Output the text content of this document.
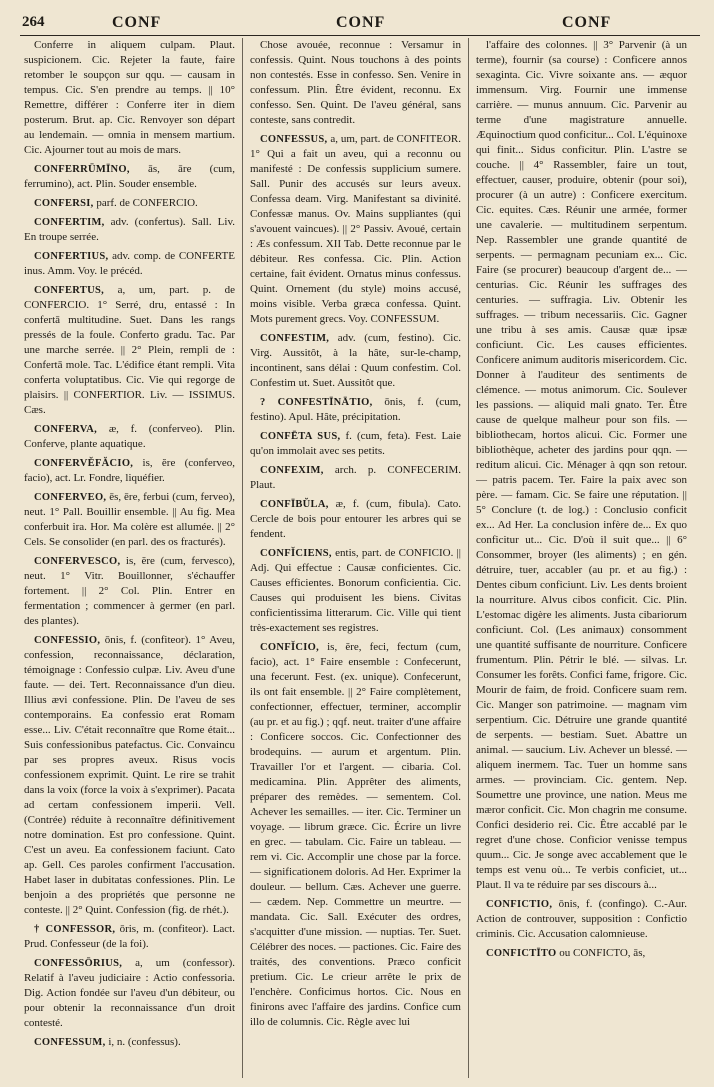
264	CONF	CONF	CONF

Conferre in aliquem culpam. Plaut. suspicionem. Cic. Rejeter la faute, faire retomber le soupçon sur qqu. — causam in tempus. Cic. S'en prendre au temps. || 10° Remettre, différer : Conferre iter in diem posterum. Brut. ap. Cic. Renvoyer son départ au lendemain. — omnia in mensem martium. Cic. Ajourner tout au mois de mars.

CONFERRŪMĪNO, ās, āre (cum, ferrumino), act. Plin. Souder ensemble.

CONFERSI, parf. de CONFERCIO.

CONFERTIM, adv. (confertus). Sall. Liv. En troupe serrée.

CONFERTIUS, adv. comp. de CONFERTE inus. Amm. Voy. le précéd.

CONFERTUS, a, um, part. p. de CONFERCIO. 1° Serré, dru, entassé : In confertā multitudine. Suet. Dans les rangs pressés de la foule. Conferto gradu. Tac. Par une marche serrée. || 2° Plein, rempli de : Confertā mole. Tac. L'édifice étant rempli. Vita conferta voluptatibus. Cic. Vie qui regorge de plaisirs. || CONFERTIOR. Liv. — ISSIMUS. Cæs.

CONFERVA, æ, f. (conferveo). Plin. Conferve, plante aquatique.

CONFERVĔFĂCIO, is, ĕre (conferveo, facio), act. Lr. Fondre, liquéfier.

CONFERVEO, ēs, ēre, ferbui (cum, ferveo), neut. 1° Pall. Bouillir ensemble. || Au fig. Mea conferbuit ira. Hor. Ma colère est allumée. || 2° Cels. Se consolider (en parl. des os fracturés).

CONFERVESCO, is, ĕre (cum, fervesco), neut. 1° Vitr. Bouillonner, s'échauffer fortement. || 2° Col. Plin. Entrer en fermentation ; commencer à germer (en parl. des plantes).

CONFESSIO, ōnis, f. (confiteor). 1° Aveu, confession, reconnaissance, déclaration, témoignage : Confessio culpæ. Liv. Aveu d'une faute. — dei. Tert. Reconnaissance d'un dieu. Illius ævi confessione. Plin. De l'aveu de ses contemporains. Ea confessio erat Romam esse... Liv. C'était reconnaître que Rome était... Suis confessionibus patefactus. Cic. Convaincu par ses propres aveux. Risus vocis confessionem exprimit. Quint. Le rire se trahit dans la voix (force la voix à s'exprimer). Pacata ad certam confessionem imperii. Vell. (Contrée) réduite à reconnaître définitivement notre domination. Est pro confessione. Quint. C'est un aveu. Ea confessionem faciunt. Cato ap. Gell. Ces paroles confirment l'accusation. Habet laser in dubitatas confessiones. Plin. Le benjoin a des propriétés que personne ne conteste. || 2° Quint. Confession (fig. de rhét.).

† CONFESSOR, ōris, m. (confiteor). Lact. Prud. Confesseur (de la foi).

CONFESSŌRIUS, a, um (confessor). Relatif à l'aveu judiciaire : Actio confessoria. Dig. Action fondée sur l'aveu d'un débiteur, ou pour obtenir la reconnaissance d'un droit contesté.

CONFESSUM, i, n. (confessus).

Chose avouée, reconnue : Versamur in confessis. Quint. Nous touchons à des points non contestés. Esse in confesso. Sen. Venire in confessum. Plin. Être évident, reconnu. Ex confesso. Sen. Quint. De l'aveu général, sans conteste, sans contredit.

CONFESSUS, a, um, part. de CONFITEOR. 1° Qui a fait un aveu, qui a reconnu ou manifesté : De confessis supplicium sumere. Sall. Punir des accusés sur leurs aveux. Confessa deam. Virg. Manifestant sa divinité. Confessæ manus. Ov. Mains suppliantes (qui s'avouent vaincues). || 2° Passiv. Avoué, certain : Æs confessum. XII Tab. Dette reconnue par le débiteur. Res confessa. Cic. Plin. Action certaine, fait évident. Ornatus minus confessus. Quint. Ornement (du style) moins accusé, moins visible. Verba græca confessa. Quint. Mots purement grecs. Voy. CONFESSUM.

CONFESTIM, adv. (cum, festino). Cic. Virg. Aussitôt, à la hâte, sur-le-champ, incontinent, sans délai : Quum confestim. Col. Confestim ut. Suet. Aussitôt que.

? CONFESTĪNĀTIO, ōnis, f. (cum, festino). Apul. Hâte, précipitation.

CONFĒTA SUS, f. (cum, feta). Fest. Laie qu'on immolait avec ses petits.

CONFEXIM, arch. p. CONFECERIM. Plaut.

CONFĪBŬLA, æ, f. (cum, fibula). Cato. Cercle de bois pour entourer les arbres qui se fendent.

CONFĬCIENS, entis, part. de CONFICIO. || Adj. Qui effectue : Causæ conficientes. Cic. Causes efficientes. Bonorum conficientia. Cic. Causes qui produisent les biens. Civitas conficientissima litterarum. Cic. Ville qui tient très-exactement ses registres.

CONFĬCIO, is, ĕre, feci, fectum (cum, facio), act. 1° Faire ensemble : Confecerunt, una fecerunt. Fest. (ex. unique). Confecerunt, ils ont fait ensemble. || 2° Faire complètement, confectionner, effectuer, terminer, accomplir (au pr. et au fig.) ; qqf. neut. traiter d'une affaire : Conficere soccos. Cic. Confectionner des brodequins. — aurum et argentum. Plin. Travailler l'or et l'argent. — cibaria. Col. medicamina. Plin. Apprêter des aliments, préparer des remèdes. — sementem. Col. Achever les semailles. — iter. Cic. Terminer un voyage. — librum græce. Cic. Écrire un livre en grec. — tabulam. Cic. Faire un tableau. — rem vi. Cic. Accomplir une chose par la force. — significationem doloris. Ad Her. Exprimer la douleur. — bellum. Cæs. Achever une guerre. — cædem. Nep. Commettre un meurtre. — mandata. Cic. Sall. Exécuter des ordres, s'acquitter d'une mission. — nuptias. Ter. Suet. Célébrer des noces. — pactiones. Cic. Faire des traités, des conventions. Præco conficit pretium. Cic. Le crieur arrête le prix de l'enchère. Conficimus hortos. Cic. Nous en finirons avec l'affaire des jardins. Confice cum illo de columnis. Cic. Règle avec lui

l'affaire des colonnes. || 3° Parvenir (à un terme), fournir (sa course) : Conficere annos sexaginta. Cic. Vivre soixante ans. — æquor immensum. Virg. Fournir une immense carrière. — munus annuum. Cic. Parvenir au terme d'une magistrature annuelle. Æquinoctium quod conficitur... Col. L'équinoxe qui finit... Sidus conficitur. Plin. L'astre se couche. || 4° Rassembler, faire un tout, effectuer, causer, produire, obtenir (pour soi), procurer (à un autre) : Conficere exercitum. Cic. equites. Cæs. Réunir une armée, former une cavalerie. — multitudinem serpentum. Nep. Rassembler une grande quantité de serpents. — permagnam pecuniam ex... Cic. Faire (se procurer) beaucoup d'argent de... — centurias. Cic. Réunir les suffrages des centuries. — suffragia. Liv. Obtenir les suffrages. — tribum necessariis. Cic. Gagner une tribu à ses amis. Causæ quæ ipsæ conficiunt. Cic. Les causes efficientes. Conficere animum auditoris misericordem. Cic. Donner à l'auditeur des sentiments de clémence. — motus animorum. Cic. Soulever les passions. — aliquid mali gnato. Ter. Être cause de quelque malheur pour son fils. — bibliothecam, hortos alicui. Cic. Former une bibliothèque, acheter des jardins pour qqn. — reditum alicui. Cic. Ménager à qqn son retour. — patris pacem. Ter. Faire la paix avec son père. — famam. Cic. Se faire une réputation. || 5° Conclure (t. de log.) : Conclusio conficit ex... Ad Her. La conclusion infère de... Ex quo conficitur ut... Cic. D'où il suit que... || 6° Consommer, broyer (les aliments) ; en gén. détruire, tuer, accabler (au pr. et au fig.) : Dentes cibum conficiunt. Liv. Les dents broient la nourriture. Alvus cibos conficit. Cic. Plin. L'estomac digère les aliments. Justa cibariorum conficiunt. Col. (Les animaux) consomment une quantité suffisante de nourriture. Conficere frumentum. Plin. Pétrir le blé. — silvas. Lr. Consumer les forêts. Confici fame, frigore. Cic. Mourir de faim, de froid. Conficere suam rem. Cic. Manger son patrimoine. — magnam vim serpentium. Cic. Détruire une grande quantité de serpents. — bestiam. Suet. Abattre un animal. — saucium. Liv. Achever un blessé. — aliquem inermem. Tac. Tuer un homme sans armes. — provinciam. Cic. gentem. Nep. Soumettre une province, une nation. Meus me mæror conficit. Cic. Mon chagrin me consume. Confici desiderio rei. Cic. Être accablé par le regret d'une chose. Conficior venisse tempus quum... Cic. Je songe avec accablement que le temps est venu où... Te verbis conficiet, ut... Plaut. Il va te réduire par ses discours à...

CONFICTIO, ōnis, f. (confingo). C.-Aur. Action de controuver, supposition : Confictio criminis. Cic. Accusation calomnieuse.

CONFICTĪTO ou CONFICTO, ās,
